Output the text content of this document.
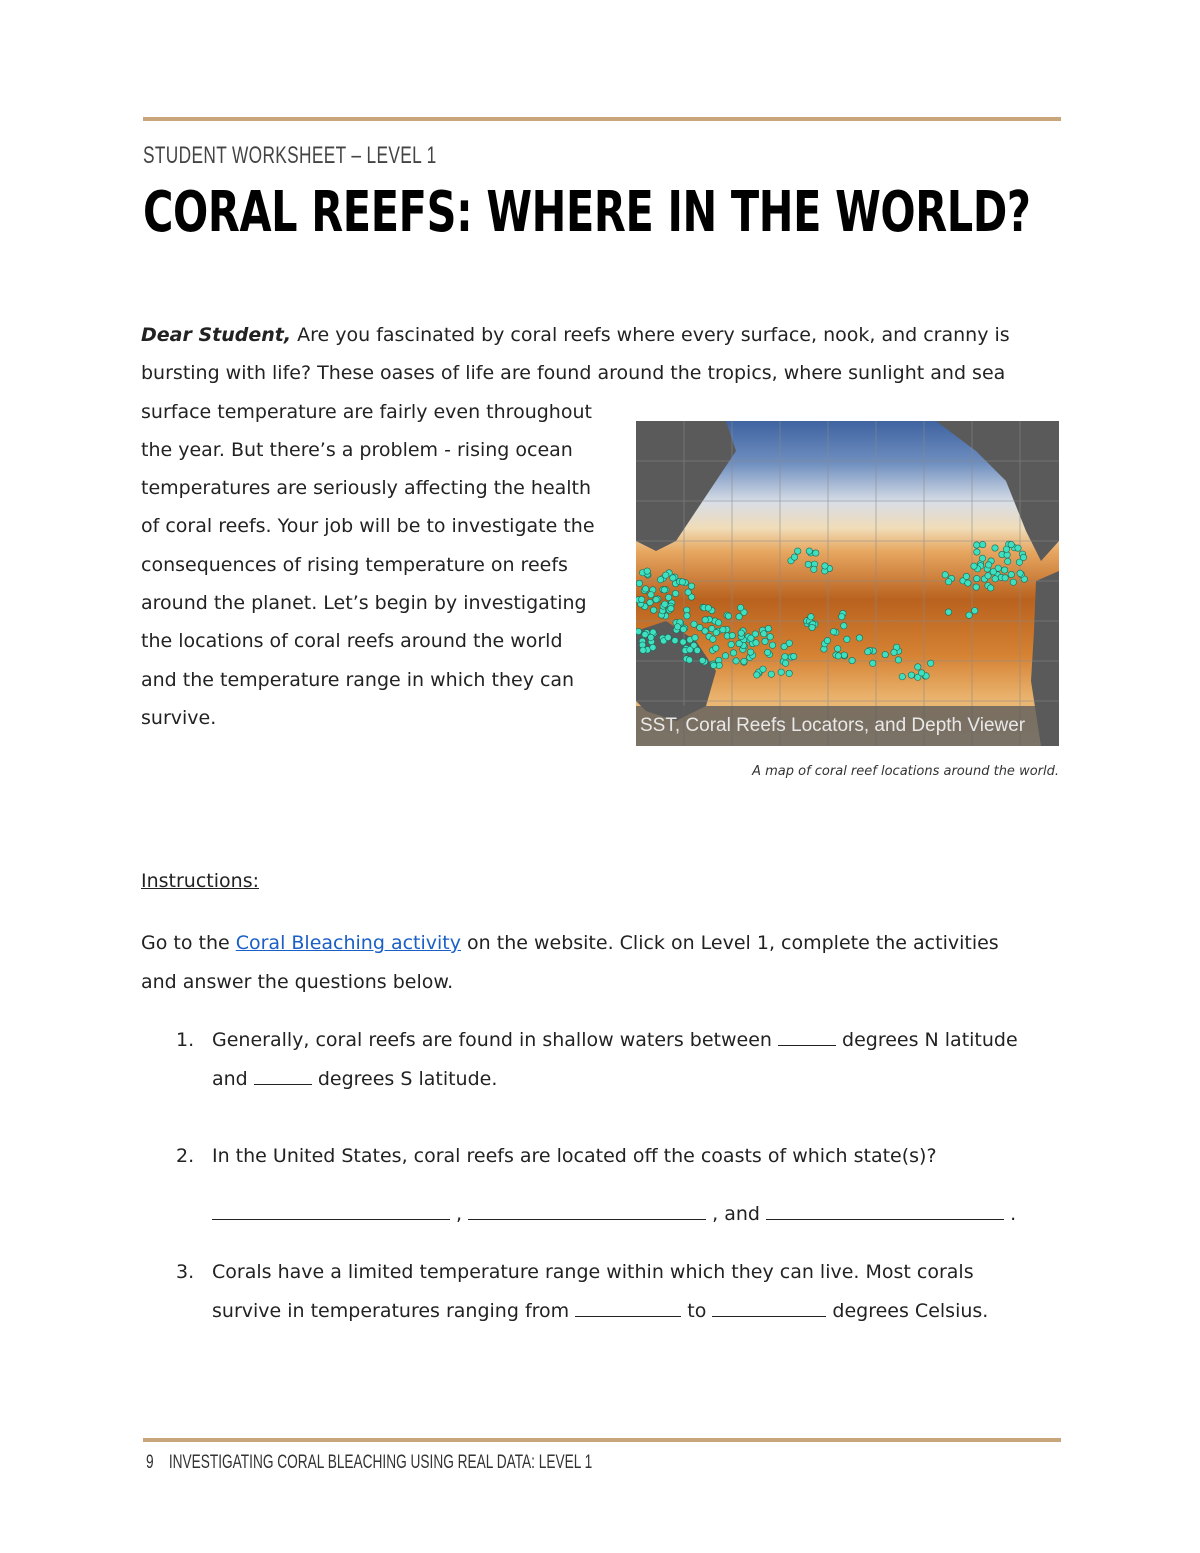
STUDENT WORKSHEET – LEVEL 1
CORAL REEFS: WHERE IN THE WORLD?
Dear Student, Are you fascinated by coral reefs where every surface, nook, and cranny is
bursting with life? These oases of life are found around the tropics, where sunlight and sea
surface temperature are fairly even throughout
the year. But there’s a problem - rising ocean
temperatures are seriously affecting the health
of coral reefs. Your job will be to investigate the
consequences of rising temperature on reefs
around the planet. Let’s begin by investigating
the locations of coral reefs around the world
and the temperature range in which they can
survive.	SST, Coral Reefs Locators, and Depth Viewer
A map of coral reef locations around the world.
Instructions:
Go to the Coral Bleaching activity on the website. Click on Level 1, complete the activities
and answer the questions below.
1. Generally, coral reefs are found in shallow waters between	degrees N latitude
and	degrees S latitude.
2. In the United States, coral reefs are located off the coasts of which state(s)?
,	, and	.
3. Corals have a limited temperature range within which they can live. Most corals
survive in temperatures ranging from	to	degrees Celsius.
9 INVESTIGATING CORAL BLEACHING USING REAL DATA: LEVEL 1
